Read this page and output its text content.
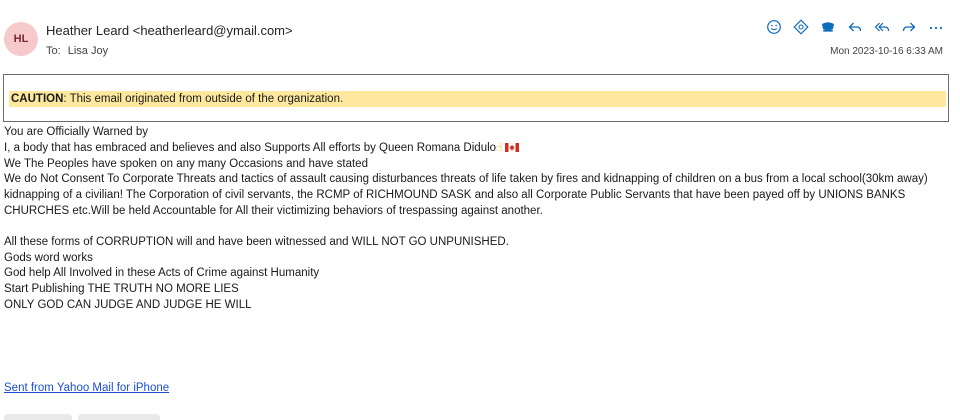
HL
Heather Leard <heatherleard@ymail.com>
To: Lisa Joy	Mon 2023-10-16 6:33 AM
CAUTION: This email originated from outside of the organization.

You are Officially Warned by

I, a body that has embraced and believes and also Supports All efforts by Queen Romana Didulo☝

We The Peoples have spoken on any many Occasions and have stated

We do Not Consent To Corporate Threats and tactics of assault causing disturbances threats of life taken by fires and kidnapping of children on a bus from a local school(30km away) kidnapping of a civilian! The Corporation of civil servants, the RCMP of RICHMOUND SASK and also all Corporate Public Servants that have been payed off by UNIONS BANKS CHURCHES etc.Will be held Accountable for All their victimizing behaviors of trespassing against another.

All these forms of CORRUPTION will and have been witnessed and WILL NOT GO UNPUNISHED.

Gods word works

God help All Involved in these Acts of Crime against Humanity

Start Publishing THE TRUTH NO MORE LIES

ONLY GOD CAN JUDGE AND JUDGE HE WILL

Sent from Yahoo Mail for iPhone
